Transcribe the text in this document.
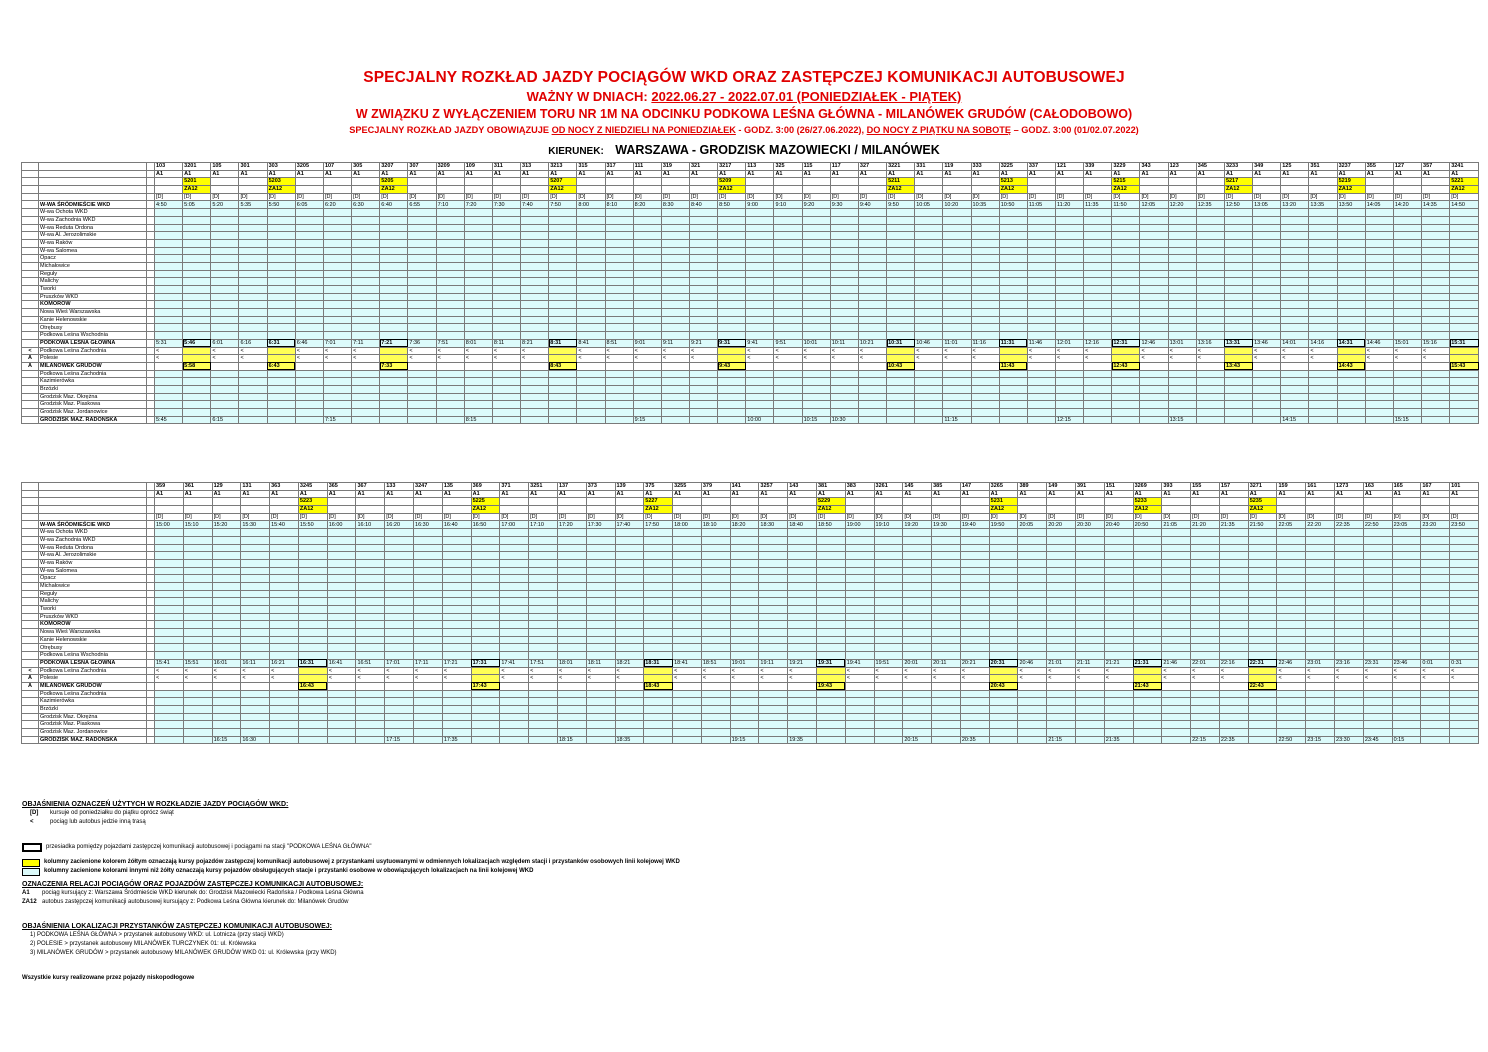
SPECJALNY ROZKŁAD JAZDY POCIĄGÓW WKD ORAZ ZASTĘPCZEJ KOMUNIKACJI AUTOBUSOWEJ
WAŻNY W DNIACH: 2022.06.27 - 2022.07.01 (PONIEDZIAŁEK - PIĄTEK)
W ZWIĄZKU Z WYŁĄCZENIEM TORU NR 1M NA ODCINKU PODKOWA LEŚNA GŁÓWNA - MILANÓWEK GRUDÓW (CAŁODOBOWO)
SPECJALNY ROZKŁAD JAZDY OBOWIĄZUJE OD NOCY Z NIEDZIELI NA PONIEDZIAŁEK - GODZ. 3:00 (26/27.06.2022), DO NOCY Z PIĄTKU NA SOBOTĘ – GODZ. 3:00 (01/02.07.2022)
KIERUNEK: WARSZAWA - GRODZISK MAZOWIECKI / MILANÓWEK
			103	3201	105	301	303	3205	107	305	3207	307	3209	109	311	313	3213	315	317	111	319	321	3217	113	325	115	117	327	3221	331	119	333	3225	337	121	339	3229	343	123	345	3233	349	125	351	3237	355	127	357	3241
			A1	A1	A1	A1	A1	A1	A1	A1	A1	A1	A1	A1	A1	A1	A1	A1	A1	A1	A1	A1	A1	A1	A1	A1	A1	A1	A1	A1	A1	A1	A1	A1	A1	A1	A1	A1	A1	A1	A1	A1	A1	A1	A1	A1	A1	A1	A1
				5201			5203				5205						5207						5209						5211				5213				5215				5217				5219				5221
				ZA12			ZA12				ZA12						ZA12						ZA12						ZA12				ZA12				ZA12				ZA12				ZA12				ZA12
			[D]	[D]	[D]	[D]	[D]	[D]	[D]	[D]	[D]	[D]	[D]	[D]	[D]	[D]	[D]	[D]	[D]	[D]	[D]	[D]	[D]	[D]	[D]	[D]	[D]	[D]	[D]	[D]	[D]	[D]	[D]	[D]	[D]	[D]	[D]	[D]	[D]	[D]	[D]	[D]	[D]	[D]	[D]	[D]	[D]	[D]	[D]
	W-WA ŚRÓDMIEŚCIE WKD		4:50	5:05	5:20	5:35	5:50	6:05	6:20	6:30	6:40	6:55	7:10	7:20	7:30	7:40	7:50	8:00	8:10	8:20	8:30	8:40	8:50	9:00	9:10	9:20	9:30	9:40	9:50	10:05	10:20	10:35	10:50	11:05	11:20	11:35	11:50	12:05	12:20	12:35	12:50	13:05	13:20	13:35	13:50	14:05	14:20	14:35	14:50
	W-wa Ochota WKD																																																
	W-wa Zachodnia WKD																																																
	W-wa Reduta Ordona																																																
	W-wa Al. Jerozolimskie																																																
	W-wa Raków																																																
	W-wa Salomea																																																
	Opacz																																																
	Michałowice																																																
	Reguły																																																
	Malichy																																																
	Tworki																																																
	Pruszków WKD																																																
	KOMORÓW																																																
	Nowa Wieś Warszawska																																																
	Kanie Helenowskie																																																
	Otrębusy																																																
	Podkowa Leśna Wschodnia																																																
	PODKOWA LEŚNA GŁÓWNA		5:31	5:46	6:01	6:16	6:31	6:46	7:01	7:11	7:21	7:36	7:51	8:01	8:11	8:21	8:31	8:41	8:51	9:01	9:11	9:21	9:31	9:41	9:51	10:01	10:11	10:21	10:31	10:46	11:01	11:16	11:31	11:46	12:01	12:16	12:31	12:46	13:01	13:16	13:31	13:46	14:01	14:16	14:31	14:46	15:01	15:16	15:31
<	Podkowa Leśna Zachodnia		<		<	<		<	<	<		<	<	<	<	<		<	<	<	<	<		<	<	<	<	<		<	<	<		<	<	<		<	<	<		<	<	<		<	<	<	
A	Polesie		<		<	<		<	<	<		<	<	<	<	<		<	<	<	<	<		<	<	<	<	<		<	<	<		<	<	<		<	<	<		<	<	<		<	<	<	
A	MILANÓWEK GRUDÓW			5:58			6:43				7:33						8:43						9:43						10:43				11:43				12:43				13:43				14:43				15:43
	Podkowa Leśna Zachodnia																																																
	Kazimierówka																																																
	Brzózki																																																
	Grodzisk Maz. Okrężna																																																
	Grodzisk Maz. Piaskowa																																																
	Grodzisk Maz. Jordanowice																																																
	GRODZISK MAZ. RADOŃSKA		5:45		6:15				7:15					8:15						9:15				10:00		10:15	10:30				11:15				12:15				13:15				14:15				15:15		
			359	361	129	131	363	3245	365	367	133	3247	135	369	371	3251	137	373	139	375	3255	379	141	3257	143	381	383	3261	145	385	147	3265	389	149	391	151	3269	393	155	157	3271	159	161	1273	163	165	167	101
			A1	A1	A1	A1	A1	A1	A1	A1	A1	A1	A1	A1	A1	A1	A1	A1	A1	A1	A1	A1	A1	A1	A1	A1	A1	A1	A1	A1	A1	A1	A1	A1	A1	A1	A1	A1	A1	A1	A1	A1	A1	A1	A1	A1	A1	A1
								5223						5225						5227						5229						5231					5233				5235							
								ZA12						ZA12						ZA12						ZA12						ZA12					ZA12				ZA12							
			[D]	[D]	[D]	[D]	[D]	[D]	[D]	[D]	[D]	[D]	[D]	[D]	[D]	[D]	[D]	[D]	[D]	[D]	[D]	[D]	[D]	[D]	[D]	[D]	[D]	[D]	[D]	[D]	[D]	[D]	[D]	[D]	[D]	[D]	[D]	[D]	[D]	[D]	[D]	[D]	[D]	[D]	[D]	[D]	[D]	[D]
	W-WA ŚRÓDMIEŚCIE WKD		15:00	15:10	15:20	15:30	15:40	15:50	16:00	16:10	16:20	16:30	16:40	16:50	17:00	17:10	17:20	17:30	17:40	17:50	18:00	18:10	18:20	18:30	18:40	18:50	19:00	19:10	19:20	19:30	19:40	19:50	20:05	20:20	20:30	20:40	20:50	21:05	21:20	21:35	21:50	22:05	22:20	22:35	22:50	23:05	23:20	23:50
	W-wa Ochota WKD																																															
	W-wa Zachodnia WKD																																															
	W-wa Reduta Ordona																																															
	W-wa Al. Jerozolimskie																																															
	W-wa Raków																																															
	W-wa Salomea																																															
	Opacz																																															
	Michałowice																																															
	Reguły																																															
	Malichy																																															
	Tworki																																															
	Pruszków WKD																																															
	KOMORÓW																																															
	Nowa Wieś Warszawska																																															
	Kanie Helenowskie																																															
	Otrębusy																																															
	Podkowa Leśna Wschodnia																																															
	PODKOWA LEŚNA GŁÓWNA		15:41	15:51	16:01	16:11	16:21	16:31	16:41	16:51	17:01	17:11	17:21	17:31	17:41	17:51	18:01	18:11	18:21	18:31	18:41	18:51	19:01	19:11	19:21	19:31	19:41	19:51	20:01	20:11	20:21	20:31	20:46	21:01	21:11	21:21	21:31	21:46	22:01	22:16	22:31	22:46	23:01	23:16	23:31	23:46	0:01	0:31
<	Podkowa Leśna Zachodnia		<	<	<	<	<		<	<	<	<	<		<	<	<	<	<		<	<	<	<	<		<	<	<	<	<		<	<	<	<		<	<	<		<	<	<	<	<	<	<
A	Polesie		<	<	<	<	<		<	<	<	<	<		<	<	<	<	<		<	<	<	<	<		<	<	<	<	<		<	<	<	<		<	<	<		<	<	<	<	<	<	<
A	MILANÓWEK GRUDÓW							16:43						17:43						18:43						19:43						20:43					21:43				22:43							
	Podkowa Leśna Zachodnia																																															
	Kazimierówka																																															
	Brzózki																																															
	Grodzisk Maz. Okrężna																																															
	Grodzisk Maz. Piaskowa																																															
	Grodzisk Maz. Jordanowice																																															
	GRODZISK MAZ. RADOŃSKA				16:15	16:30					17:15		17:35				18:15		18:35				19:15		19:35				20:15		20:35			21:15		21:35			22:15	22:35		22:50	23:15	23:30	23:45	0:15		
OBJAŚNIENIA OZNACZEŃ UŻYTYCH W ROZKŁADZIE JAZDY POCIĄGÓW WKD:
[D]	kursuje od poniedziałku do piątku oprócz świąt
<	pociąg lub autobus jedzie inną trasą
przesiadka pomiędzy pojazdami zastępczej komunikacji autobusowej i pociągami na stacji "PODKOWA LEŚNA GŁÓWNA"
kolumny zacienione kolorem żółtym oznaczają kursy pojazdów zastępczej komunikacji autobusowej z przystankami usytuowanymi w odmiennych lokalizacjach względem stacji i przystanków osobowych linii kolejowej WKD
kolumny zacienione kolorami innymi niż żółty oznaczają kursy pojazdów obsługujących stacje i przystanki osobowe w obowiązujących lokalizacjach na linii kolejowej WKD
OZNACZENIA RELACJI POCIĄGÓW ORAZ POJAZDÓW ZASTĘPCZEJ KOMUNIKACJI AUTOBUSOWEJ:
A1	pociąg kursujący z: Warszawa Śródmieście WKD kierunek do: Grodzisk Mazowiecki Radońska / Podkowa Leśna Główna
ZA12 autobus zastępczej komunikacji autobusowej kursujący z: Podkowa Leśna Główna kierunek do: Milanówek Grudów
OBJAŚNIENIA LOKALIZACJI PRZYSTANKÓW ZASTĘPCZEJ KOMUNIKACJI AUTOBUSOWEJ:
1) PODKOWA LEŚNA GŁÓWNA > przystanek autobusowy WKD: ul. Lotnicza (przy stacji WKD)
2) POLESIE > przystanek autobusowy MILANÓWEK TURCZYNEK 01: ul. Królewska
3) MILANÓWEK GRUDÓW > przystanek autobusowy MILANÓWEK GRUDÓW WKD 01: ul. Królewska (przy WKD)
Wszystkie kursy realizowane przez pojazdy niskopodłogowe
